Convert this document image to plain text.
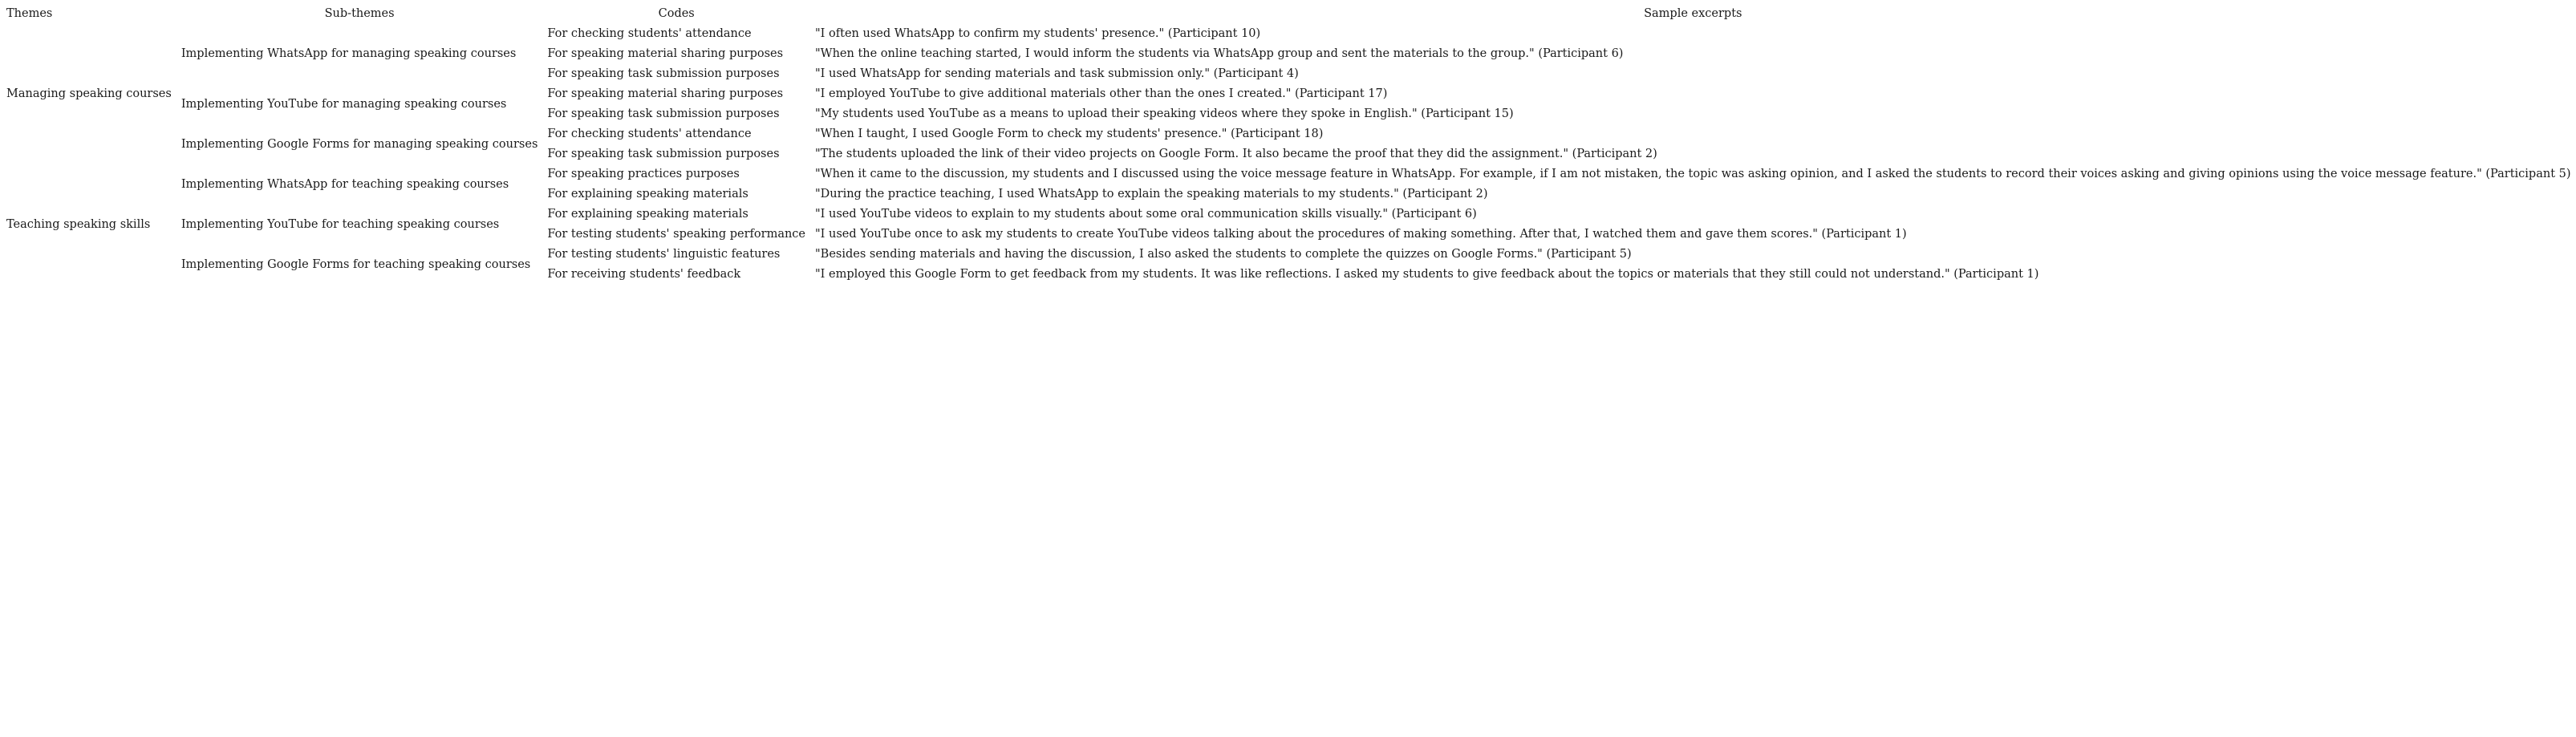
Themes	Sub-themes	Codes	Sample excerpts
Managing speaking courses	Implementing WhatsApp for managing speaking courses	For checking students' attendance	"I often used WhatsApp to confirm my students' presence." (Participant 10)
		For speaking material sharing purposes	"When the online teaching started, I would inform the students via WhatsApp group and sent the materials to the group." (Participant 6)
		For speaking task submission purposes	"I used WhatsApp for sending materials and task submission only." (Participant 4)
	Implementing YouTube for managing speaking courses	For speaking material sharing purposes	"I employed YouTube to give additional materials other than the ones I created." (Participant 17)
		For speaking task submission purposes	"My students used YouTube as a means to upload their speaking videos where they spoke in English." (Participant 15)
	Implementing Google Forms for managing speaking courses	For checking students' attendance	"When I taught, I used Google Form to check my students' presence." (Participant 18)
		For speaking task submission purposes	"The students uploaded the link of their video projects on Google Form. It also became the proof that they did the assignment." (Participant 2)
Teaching speaking skills	Implementing WhatsApp for teaching speaking courses	For speaking practices purposes	"When it came to the discussion, my students and I discussed using the voice message feature in WhatsApp. For example, if I am not mistaken, the topic was asking opinion, and I asked the students to record their voices asking and giving opinions using the voice message feature." (Participant 5)
		For explaining speaking materials	"During the practice teaching, I used WhatsApp to explain the speaking materials to my students." (Participant 2)
	Implementing YouTube for teaching speaking courses	For explaining speaking materials	"I used YouTube videos to explain to my students about some oral communication skills visually." (Participant 6)
		For testing students' speaking performance	"I used YouTube once to ask my students to create YouTube videos talking about the procedures of making something. After that, I watched them and gave them scores." (Participant 1)
	Implementing Google Forms for teaching speaking courses	For testing students' linguistic features	"Besides sending materials and having the discussion, I also asked the students to complete the quizzes on Google Forms." (Participant 5)
		For receiving students' feedback	"I employed this Google Form to get feedback from my students. It was like reflections. I asked my students to give feedback about the topics or materials that they still could not understand." (Participant 1)
